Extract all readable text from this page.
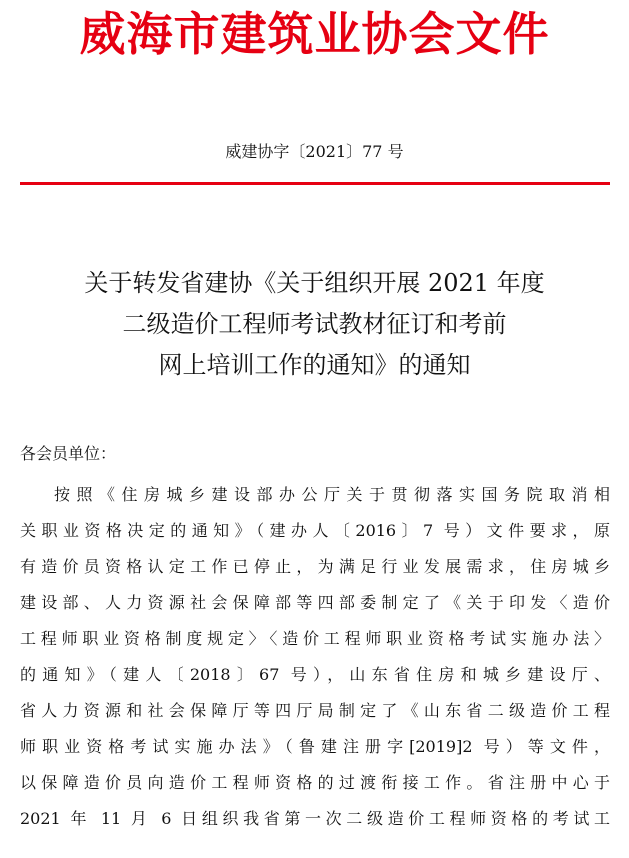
威海市建筑业协会文件
威建协字〔2021〕77 号
关于转发省建协《关于组织开展 2021 年度
二级造价工程师考试教材征订和考前
网上培训工作的通知》的通知
各会员单位：
按照《住房城乡建设部办公厅关于贯彻落实国务院取消相
关职业资格决定的通知》（建办人〔2016〕7 号）文件要求，原
有造价员资格认定工作已停止，为满足行业发展需求，住房城乡
建设部、人力资源社会保障部等四部委制定了《关于印发〈造价
工程师职业资格制度规定〉〈造价工程师职业资格考试实施办法〉
的通知》（建人〔2018〕67 号），山东省住房和城乡建设厅、
省人力资源和社会保障厅等四厅局制定了《山东省二级造价工程
师职业资格考试实施办法》（鲁建注册字[2019]2 号）等文件，
以保障造价员向造价工程师资格的过渡衔接工作。省注册中心于
2021 年 11 月 6 日组织我省第一次二级造价工程师资格的考试工
